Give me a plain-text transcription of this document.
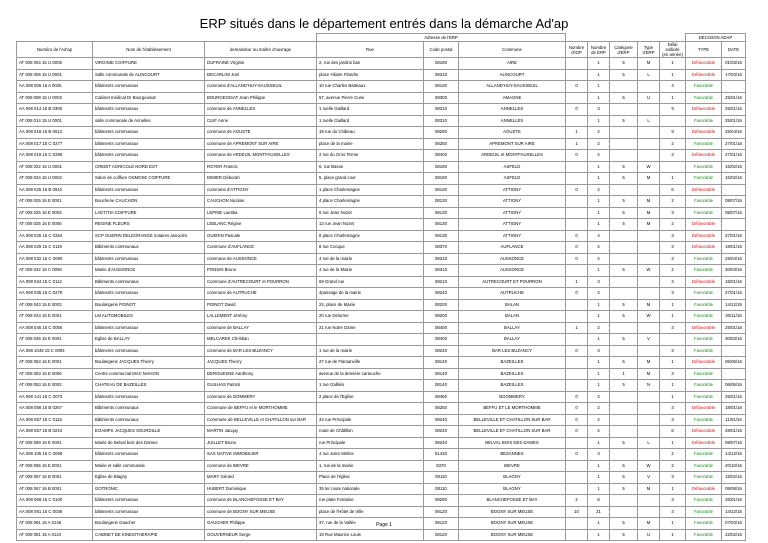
ERP situés dans le département entrés dans la démarche Ad'ap
			Adresse de l'ERP								DÉCISION ADAP	
Numéro de l'Ad'ap	Nom de l'établissement	demandeur ou maître d'ouvrage	Rue	Code postal	Commune	Nombre d'IOP	Nombre de ERP	Catégorie d'ERP	Type d'ERP	Délai sollicité (en année)	TYPE	DATE
AT 008 004 15 U 0005	VIRGINIE COIFFURE	DUFRAINE Virginie	2, rue des jardins bas	08190	AIRE		1	5	M	1	Défavorable	01/03/16
AT 008 005 15 U 0001	Salle communale de ALINCOURT	DECARLINI Joel	place Hilaire Flandre	08310	ALINCOURT		1	5	L	1	Défavorable	17/03/16
AA 008 006 16 A 0026	bâtiments communaux	commune d'ALLAND'HUY-SAUSSEUIL	10 rue Charles Batteaux	08130	ALLAND'HUY-SAUSSEUIL	0	1			4	Favorable	
AT 008 008 15 U 0003	Cabinet médical Dr Bourgeoisat	BOURGEOISAT Jean Philippe	57, avenue Pierre Curie	08300	AMAGNE		1	5	U	1	Favorable	25/01/16
AA 008 014 15 B 0305	bâtiments communaux	commune de ANNELLES	1 ruelle Gaillard	08310	ANNELLES	0	3			9	Défavorable	25/01/16
AT 008 014 15 U 0001	salle communale de Annelles	CUIF Anne	1 ruelle Gaillard	08310	ANNELLES		1	5	L		Favorable	25/01/16
AA 008 018 16 B 0013	bâtiments communaux	commune de AOUSTE	19 rue du Château	08290	AOUSTE	1	2			9	Défavorable	25/04/16
AA 008 017 15 C 0277	bâtiments communaux	commune de APREMONT SUR AIRE	place de la mairie	08250	APREMONT SUR AIRE	1	2			2	Favorable	27/01/16
AA 008 019 15 C 0295	bâtiments communaux	commune de ARDEUIL MONTFAUXELLES	2 rue du Gros Terme	08400	ARDEUIL et MONTFAUXELLES	0	2			3	Défavorable	27/01/16
AT 008 022 15 U 0001	CREDIT AGRICOLE NORD EST	ROYER Francis	6, rue Basse	08190	ASFELD		1	5	W		Favorable	15/02/16
AT 008 024 15 U 0002	Salon de coiffure OSMOSE COIFFURE	DIMIER Déborah	5, place grand cour	08190	ASFELD		1	5	M	1	Favorable	15/02/16
AA 008 025 15 B 0042	bâtiments communaux	commune d'ATTIGNY	1 place Charlemagne	08130	ATTIGNY	0	2			6	Défavorable	
AT 008 025 16 E 0001	Boucherie CAUCHON	CAUCHON Nicolas	4 place Charlemagne	08130	ATTIGNY		1	5	M	2	Favorable	08/07/16
AT 008 025 16 E 0003	LAETITIA COIFFURE	LEPINE Laetitia	6 rue Jean Nozet	08130	ATTIGNY		1	5	M	3	Favorable	08/07/16
AT 008 025 16 E 0006	REGINE FLEURS	LEBLANC Régine	13 rue Jean Nozet	08130	ATTIGNY		1	5	M	2	Défavorable	
AA 008 025 15 C 0264	SCP GUERIN DELEGRANGE notaires associés	GUERIN Pascale	8 place Charlemagne	08130	ATTIGNY	0	4			3	Défavorable	27/01/16
AA 008 029 15 C 0119	Bâtiments communaux	Commune d'AUFLANCE	8 rue Cocque	08370	AUFLANCE	0	2			3	Défavorable	18/01/16
AA 008 032 15 C 0090	bâtiments communaux	commune de AUSSONCE	4 rue de la mairie	08310	AUSSONCE	0	2			3	Favorable	25/04/16
AT 008 032 15 C 0090	Mairie d'AUSSONCE	PONSIN Bruno	4 rue de la Mairie	08310	AUSSONCE		1	5	W	2	Favorable	30/03/16
AA 008 034 15 C 0112	Bâtiments communaux	Commune d'AUTRECOURT et POURRON	69 Grand rue	08210	AUTRECOURT ET POURRON	1	3			3	Défavorable	18/01/16
AA 008 035 15 C 0278	bâtiments communaux	commune de AUTRUCHE	4passage de la mairie	08240	AUTRUCHE	0	2			3	Favorable	27/01/16
AT 008 043 15 E 0003	Boulangerie POINOT	POINOT David	24, place de Mairie	08200	BALAN		1	5	M	1	Favorable	14/12/15
AT 008 043 15 E 0001	LM AUTOMOBILES	LALLEMENT Jérémy	20 rue Delorme	08200	BALAN		1	5	W	1	Favorable	30/11/15
AA 008 045 15 C 0056	bâtiments communaux	commune de BALLAY	21 rue Notre Dame	08400	BALLAY	1	2			3	Défavorable	25/01/16
AT 008 045 15 E 0001	Eglise de BALLAY	MELCAREK Christian		08400	BALLAY		1	5	V		Favorable	30/03/16
AA 008 1049 15 C 0094	bâtiments communaux	commune de BAR LES BUZANCY	1 rue de la mairie	08240	BAR LES BUZANCY	0	3			3	Favorable	
AT 008 053 16 E 0001	Boulangerie JACQUES Thierry	JACQUES Thierry	27 rue de Flamanville	08140	BAZEILLES		1	5	M	1	Défavorable	06/06/16
AT 008 053 15 E 0006	Centre commercial MAC MAHON	DEROUESNE Aanthony	avenue de la dernière cartouche	08140	BAZEILLES		1	1	M	3	Favorable	
AT 008 053 16 E 0002	CHATEAU DE BAZEILLES	GUILHAS Patrick	1 rue Gallièni	08140	BAZEILLES		1	5	N	1	Favorable	06/06/16
AA 008 141 15 C 0073	bâtiments communaux	commune de DOMMERY	2 place de l'Eglise	08460	BOOMMERY	0	2			1	Favorable	25/01/16
AA 008 056 15 B 0267	Bâtiments communaux	Commune de BEFFU et le MORTHOMME		08250	BEFFU ET LE MORTHOMME	0	2			3	Défavorable	18/01/16
AA 008 057 15 C 0115	Bâtiments communaux	Commune de BELLEVILLE et CHATILLON sur BAR	33 rue Principale	08240	BELLEVILLE ET CHATILLON SUR BAR	0	2			3	Favorable	11/01/16
AA 008 057 15 B 0243	EOAMPS JACQUES SOURDILLE	MARTIN Jacquy	route de Châtillon	08240	BELLEVILLE ET CHATILLON SUR BAR	0	2			6	Défavorable	28/01/16
AT 008 059 16 E 0001	Mairie de Belval bois des Dames	JUILLET Bruno	rue Principale	08240	BELVAL BOIS DES DAMES		1	5	L	1	Défavorable	08/07/16
AA 008 105 15 C 0068	bâtiments communaux	SAS NATIVE IMMOBILIER	4 rue Jules Meline	51430	BEZANNES	0	3			2	Favorable	14/12/15
AT 008 065 15 E 0001	Mairie et salle communale	commune de BIEVRE	1, rue de la mairie	8370	BIEVRE		1	5	W	2	Favorable	20/10/15
AT 008 067 15 B 0001	Eglise de Blagny	MARY Gérard	Place de l'église	08110	BLAGNY		1	5	V	3	Favorable	15/02/16
AT 008 067 16 B 0001	GOTRONIC	HUBERT Dominique	35 ter route nationale	08110	BLAGNY		1	5	M	1	Défavorable	09/08/16
AA 008 069 15 C 0100	bâtiments communaux	commune de BLANCHEFOSSE ET BAY	rue plate Fontaine	08290	BLANCHEFOSSE ET BAY	2	5			3	Favorable	26/01/16
AA 008 081 15 C 0036	bâtiments communaux	commune de BOGNY SUR MEUSE	place de l'Hôtel de Ville	08120	BOGNY SUR MEUSE	10	21			3	Favorable	14/12/15
AT 008 081 15 A 0146	Boulangerie Gaucher	GAUCHER Philippe	37, rue de la Vallée	08120	BOGNY SUR MEUSE		1	5	M	1	Favorable	07/03/16
AT 008 081 15 A 0124	CABINET DE KINESITHERAPIE	GOUVERNEUR Serge	19 Rue Maurice Louis	08120	BOGNY SUR MEUSE		1	5	U	1	Favorable	22/02/16
Page 1
